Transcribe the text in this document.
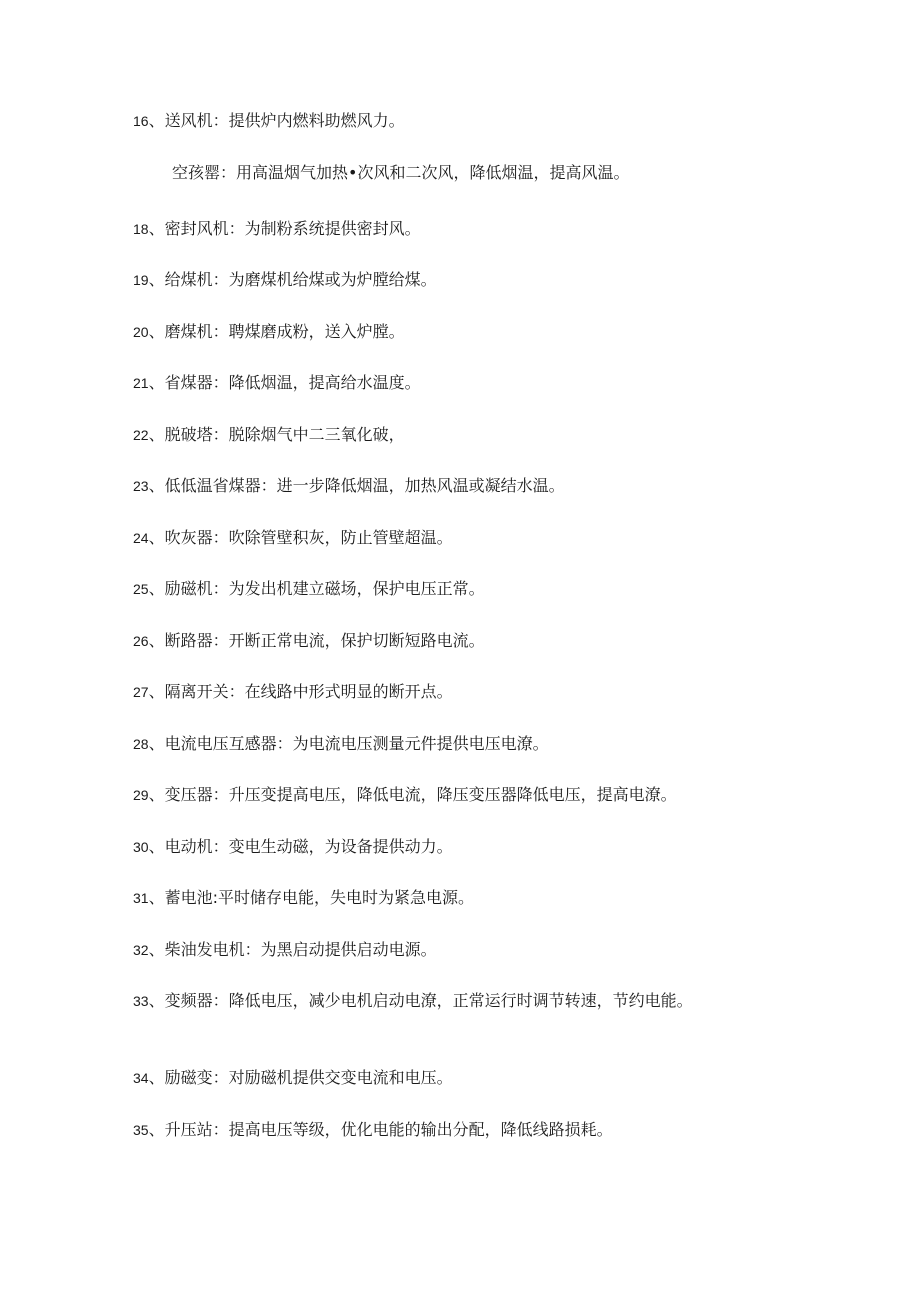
16、送风机：提供炉内燃料助燃风力。
空孩罂：用高温烟气加热•次风和二次风，降低烟温，提高风温。
18、密封风机：为制粉系统提供密封风。
19、给煤机：为磨煤机给煤或为炉膛给煤。
20、磨煤机：聘煤磨成粉，送入炉膛。
21、省煤器：降低烟温，提高给水温度。
22、脱破塔：脱除烟气中二三氧化破，
23、低低温省煤器：进一步降低烟温，加热风温或凝结水温。
24、吹灰器：吹除管壁积灰，防止管壁超温。
25、励磁机：为发出机建立磁场，保护电压正常。
26、断路器：开断正常电流，保护切断短路电流。
27、隔离开关：在线路中形式明显的断开点。
28、电流电压互感器：为电流电压测量元件提供电压电潦。
29、变压器：升压变提高电压，降低电流，降压变压器降低电压，提高电潦。
30、电动机：变电生动磁，为设备提供动力。
31、蓄电池:平时储存电能，失电时为紧急电源。
32、柴油发电机：为黑启动提供启动电源。
33、变频器：降低电压，减少电机启动电潦，正常运行时调节转速，节约电能。
34、励磁变：对励磁机提供交变电流和电压。
35、升压站：提高电压等级，优化电能的输出分配，降低线路损耗。
